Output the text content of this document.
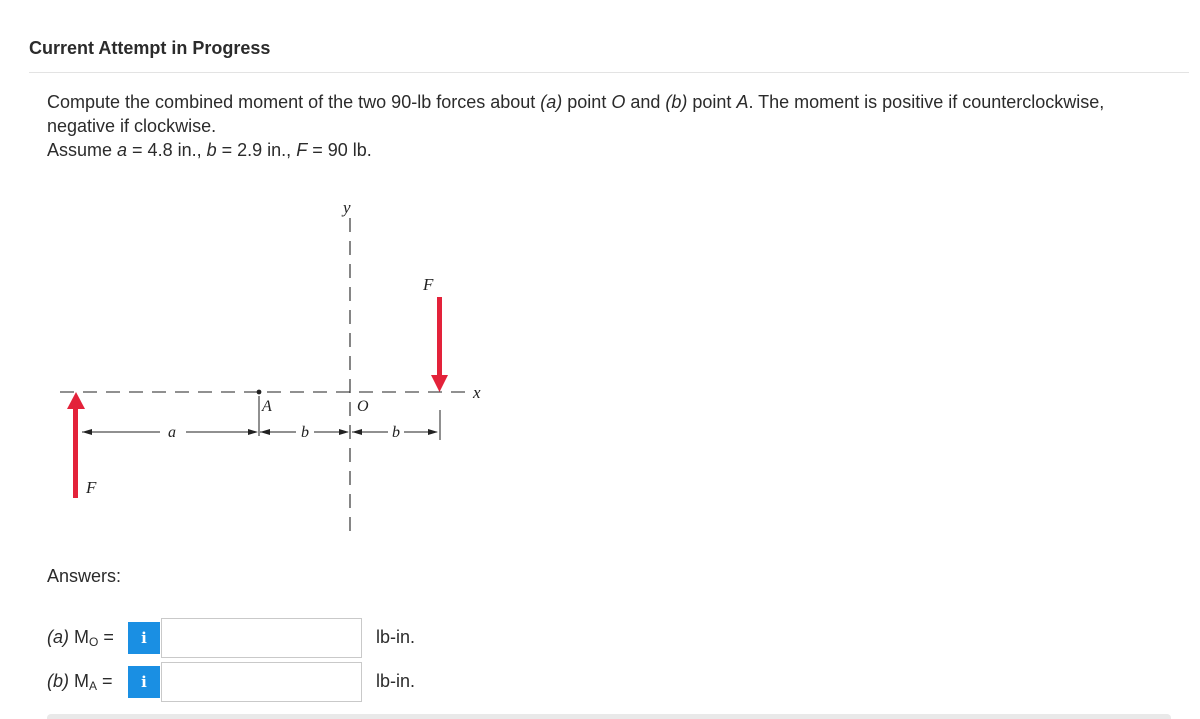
Current Attempt in Progress

Compute the combined moment of the two 90-lb forces about (a) point O and (b) point A. The moment is positive if counterclockwise, negative if clockwise.

Assume a = 4.8 in., b = 2.9 in., F = 90 lb.

y
x
A	O
a	b	b
F
F
Answers:
(a) $M_O$ =	i	lb-in.
(b) $M_A$ =	i	lb-in.
